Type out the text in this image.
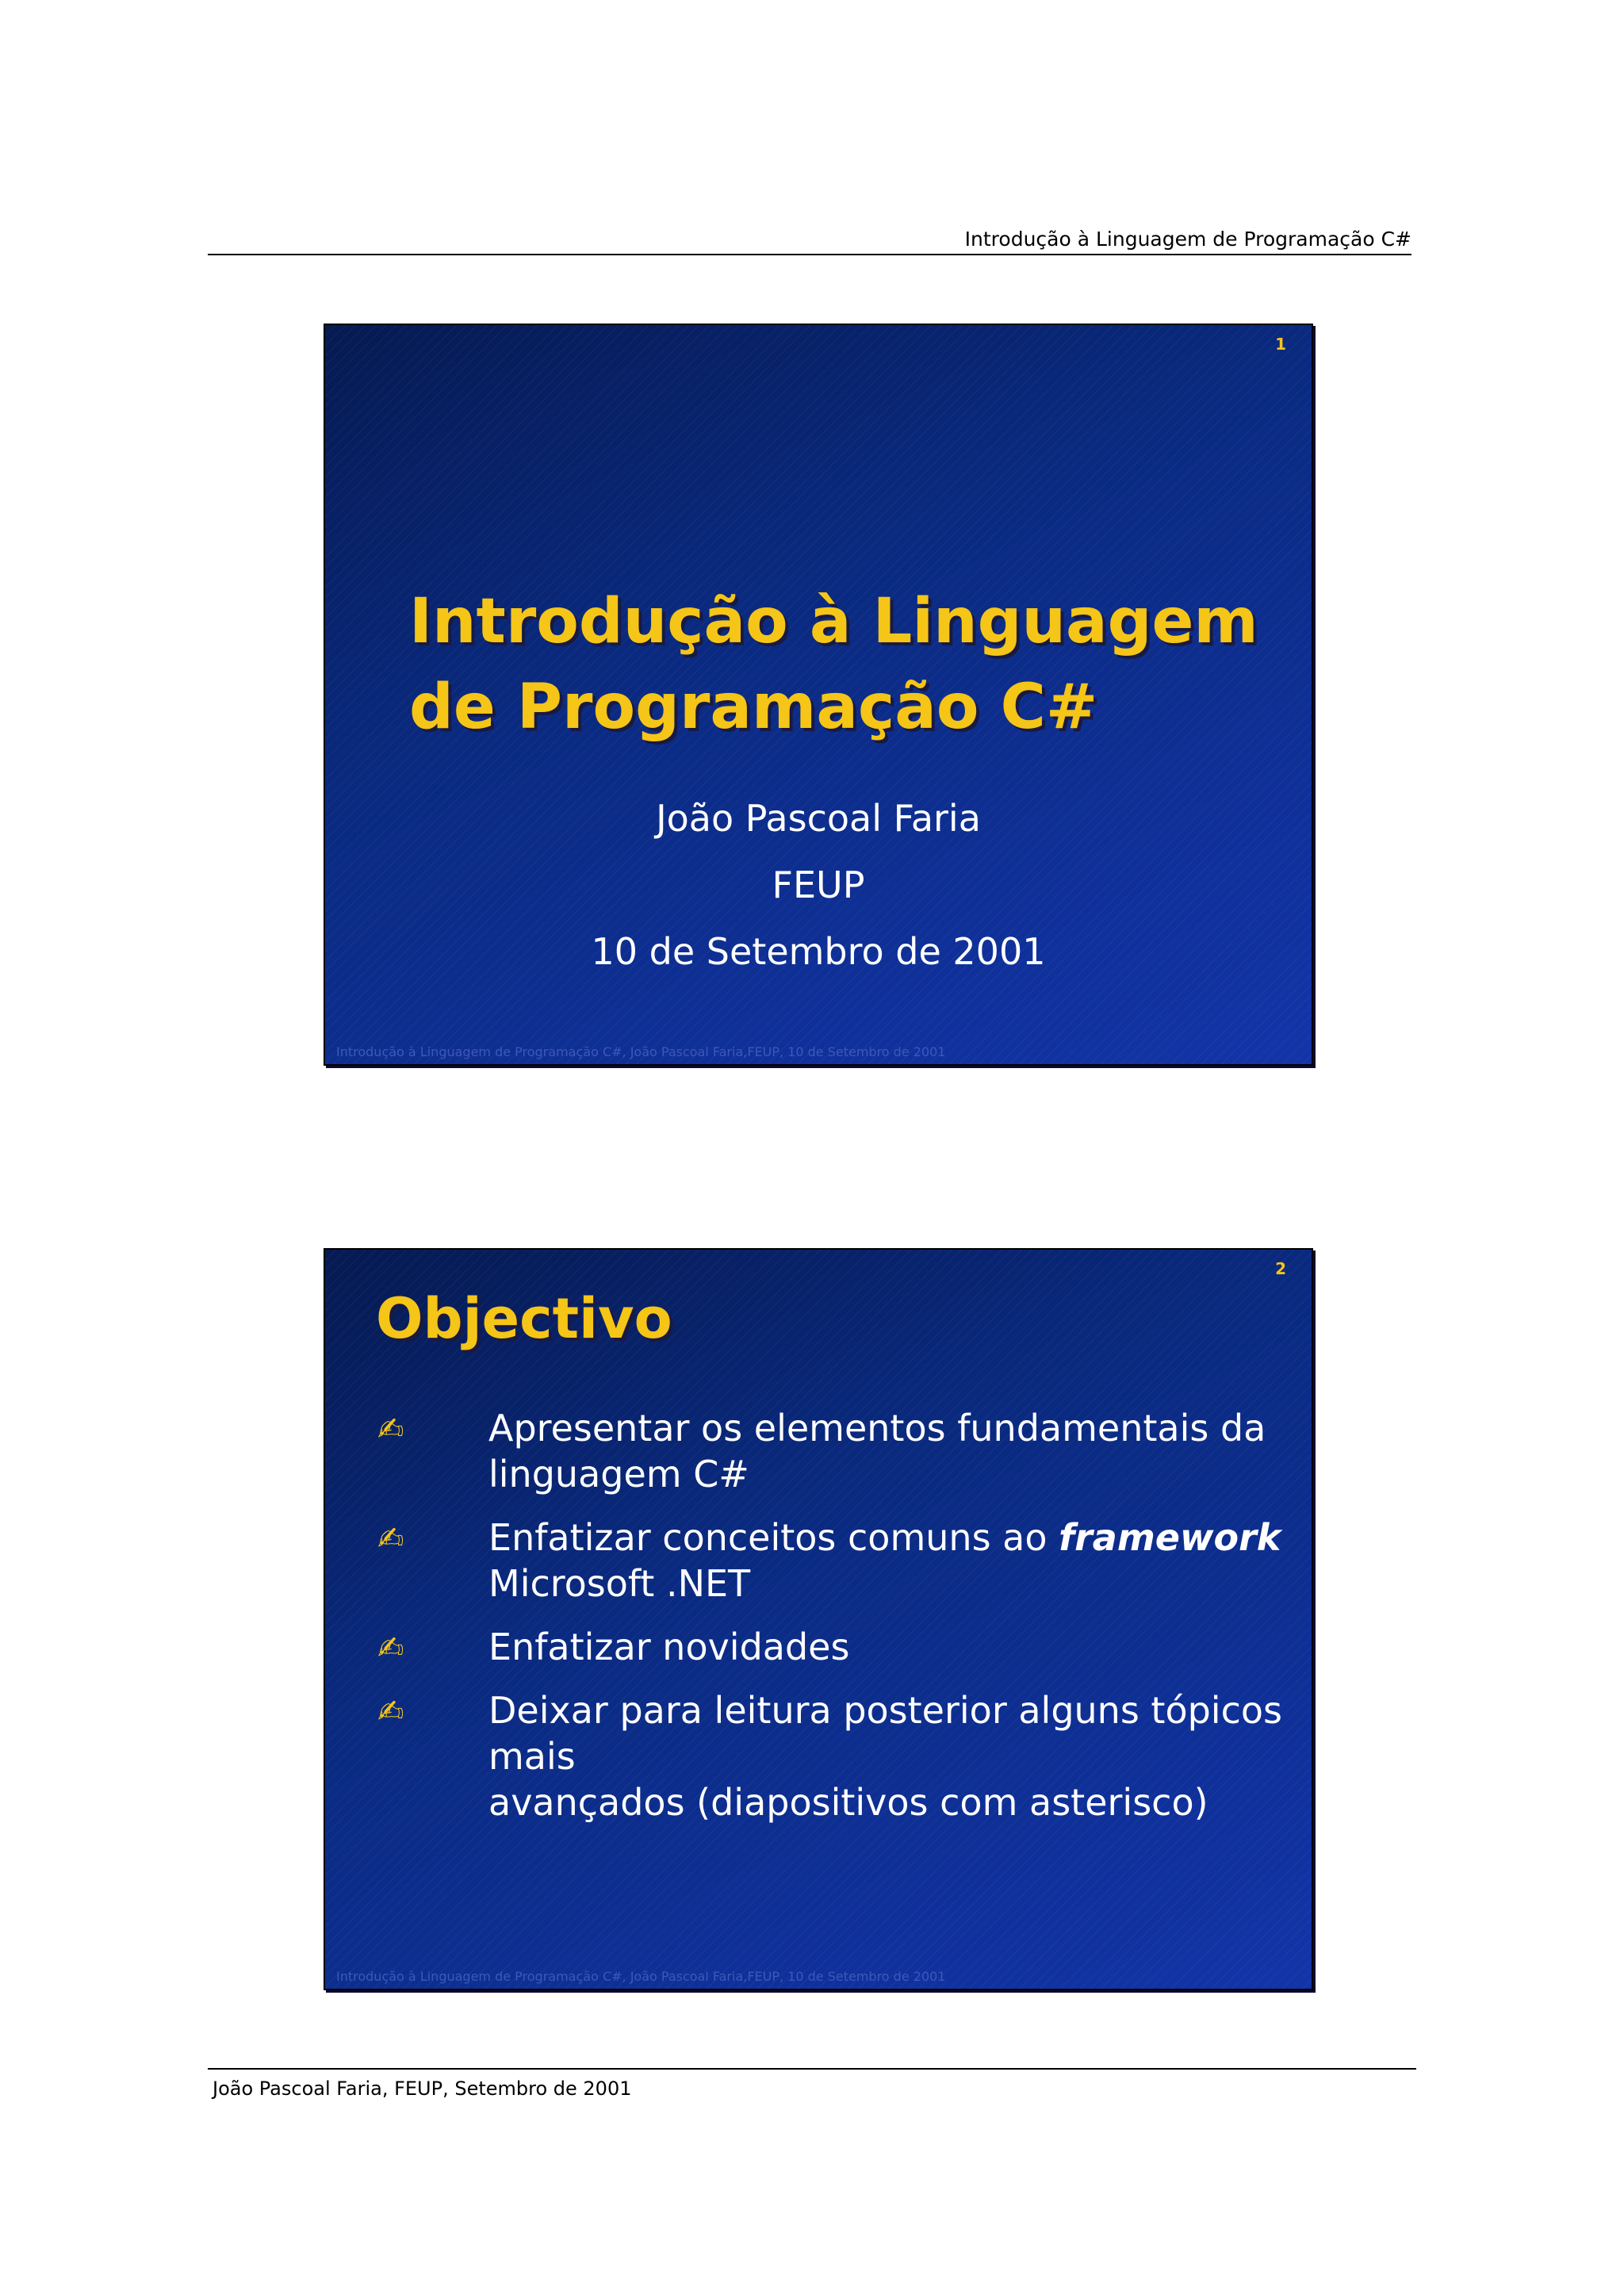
Introdução à Linguagem de Programação C#
1
Introdução à Linguagem
de Programação C#
João Pascoal Faria
FEUP
10 de Setembro de 2001
Introdução à Linguagem de Programação C#, João Pascoal Faria,FEUP, 10 de Setembro de 2001
2
Objectivo
✍ Apresentar os elementos fundamentais da
linguagem C#
✍ Enfatizar conceitos comuns ao framework
Microsoft .NET
✍ Enfatizar novidades
✍ Deixar para leitura posterior alguns tópicos mais
avançados (diapositivos com asterisco)
Introdução à Linguagem de Programação C#, João Pascoal Faria,FEUP, 10 de Setembro de 2001
João Pascoal Faria, FEUP, Setembro de 2001
